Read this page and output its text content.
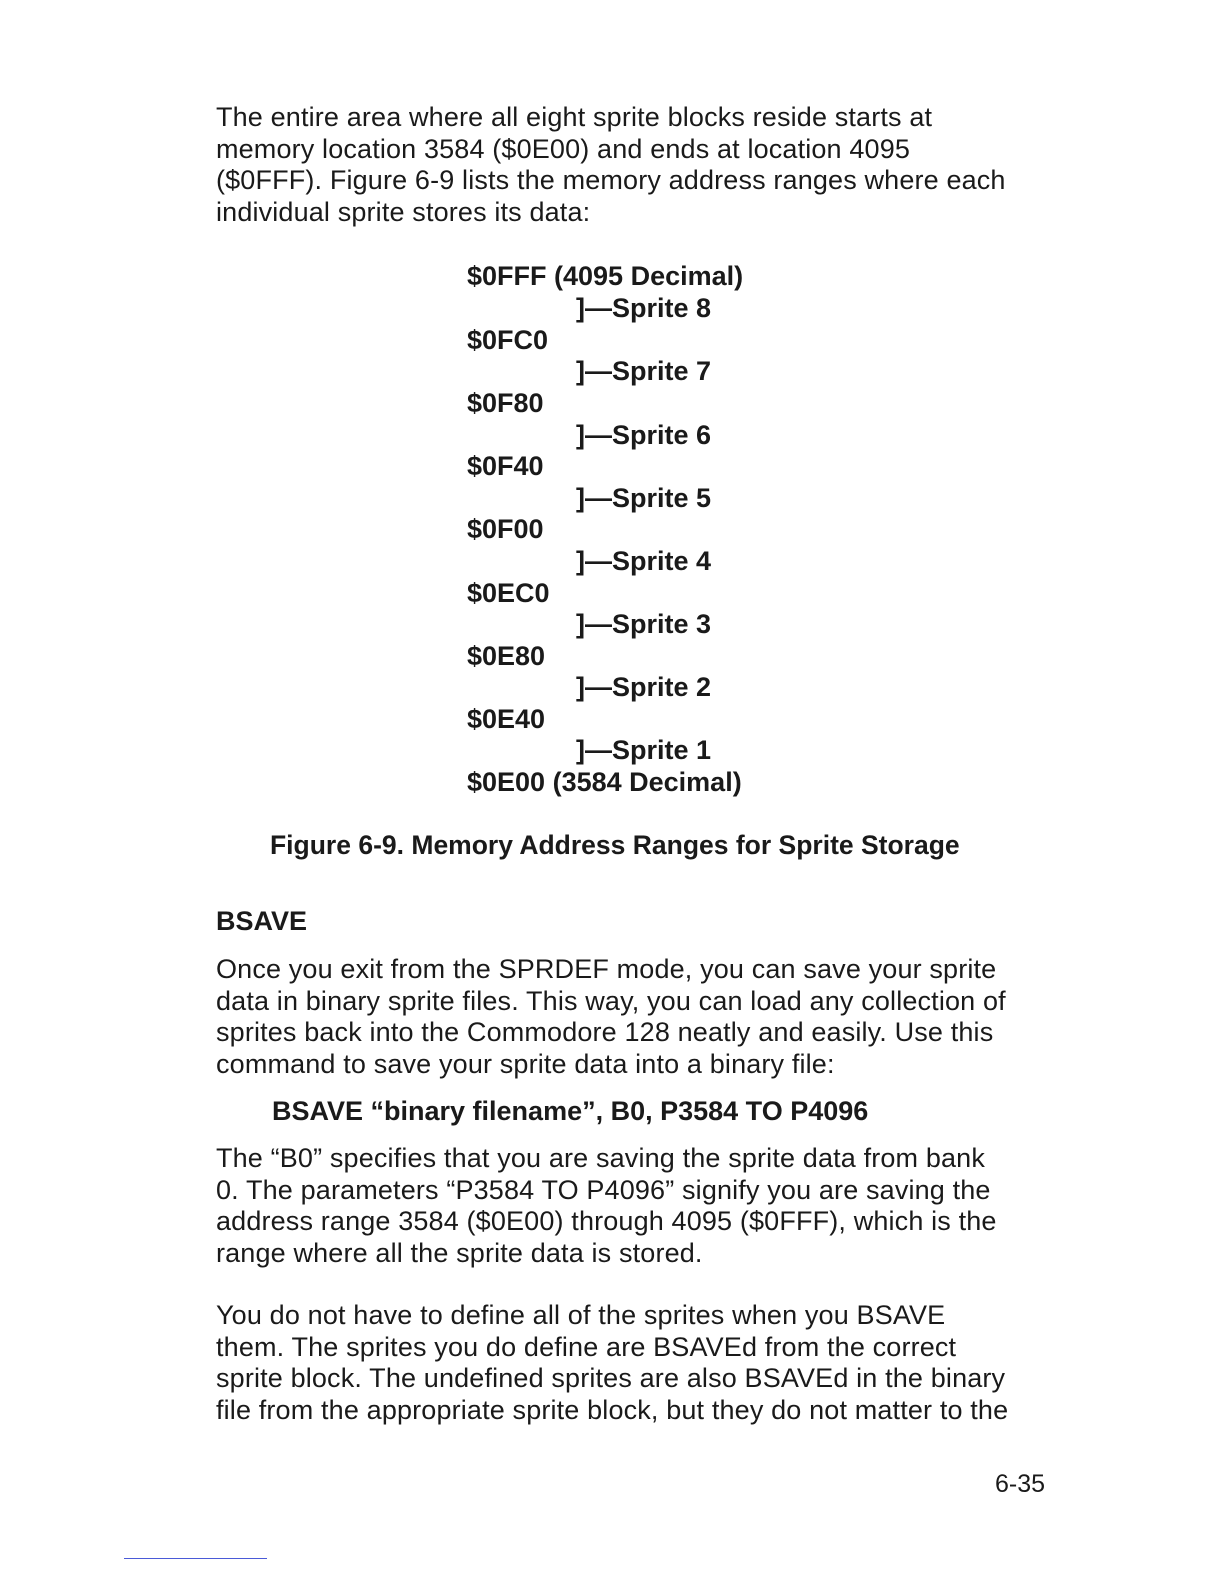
The entire area where all eight sprite blocks reside starts at
memory location 3584 ($0E00) and ends at location 4095
($0FFF). Figure 6-9 lists the memory address ranges where each
individual sprite stores its data:
$0FFF (4095 Decimal)
]—Sprite 8
$0FC0
]—Sprite 7
$0F80
]—Sprite 6
$0F40
]—Sprite 5
$0F00
]—Sprite 4
$0EC0
]—Sprite 3
$0E80
]—Sprite 2
$0E40
]—Sprite 1
$0E00 (3584 Decimal)
Figure 6-9. Memory Address Ranges for Sprite Storage
BSAVE
Once you exit from the SPRDEF mode, you can save your sprite
data in binary sprite files. This way, you can load any collection of
sprites back into the Commodore 128 neatly and easily. Use this
command to save your sprite data into a binary file:
BSAVE “binary filename”, B0, P3584 TO P4096
The “B0” specifies that you are saving the sprite data from bank
0. The parameters “P3584 TO P4096” signify you are saving the
address range 3584 ($0E00) through 4095 ($0FFF), which is the
range where all the sprite data is stored.
You do not have to define all of the sprites when you BSAVE
them. The sprites you do define are BSAVEd from the correct
sprite block. The undefined sprites are also BSAVEd in the binary
file from the appropriate sprite block, but they do not matter to the
6-35
